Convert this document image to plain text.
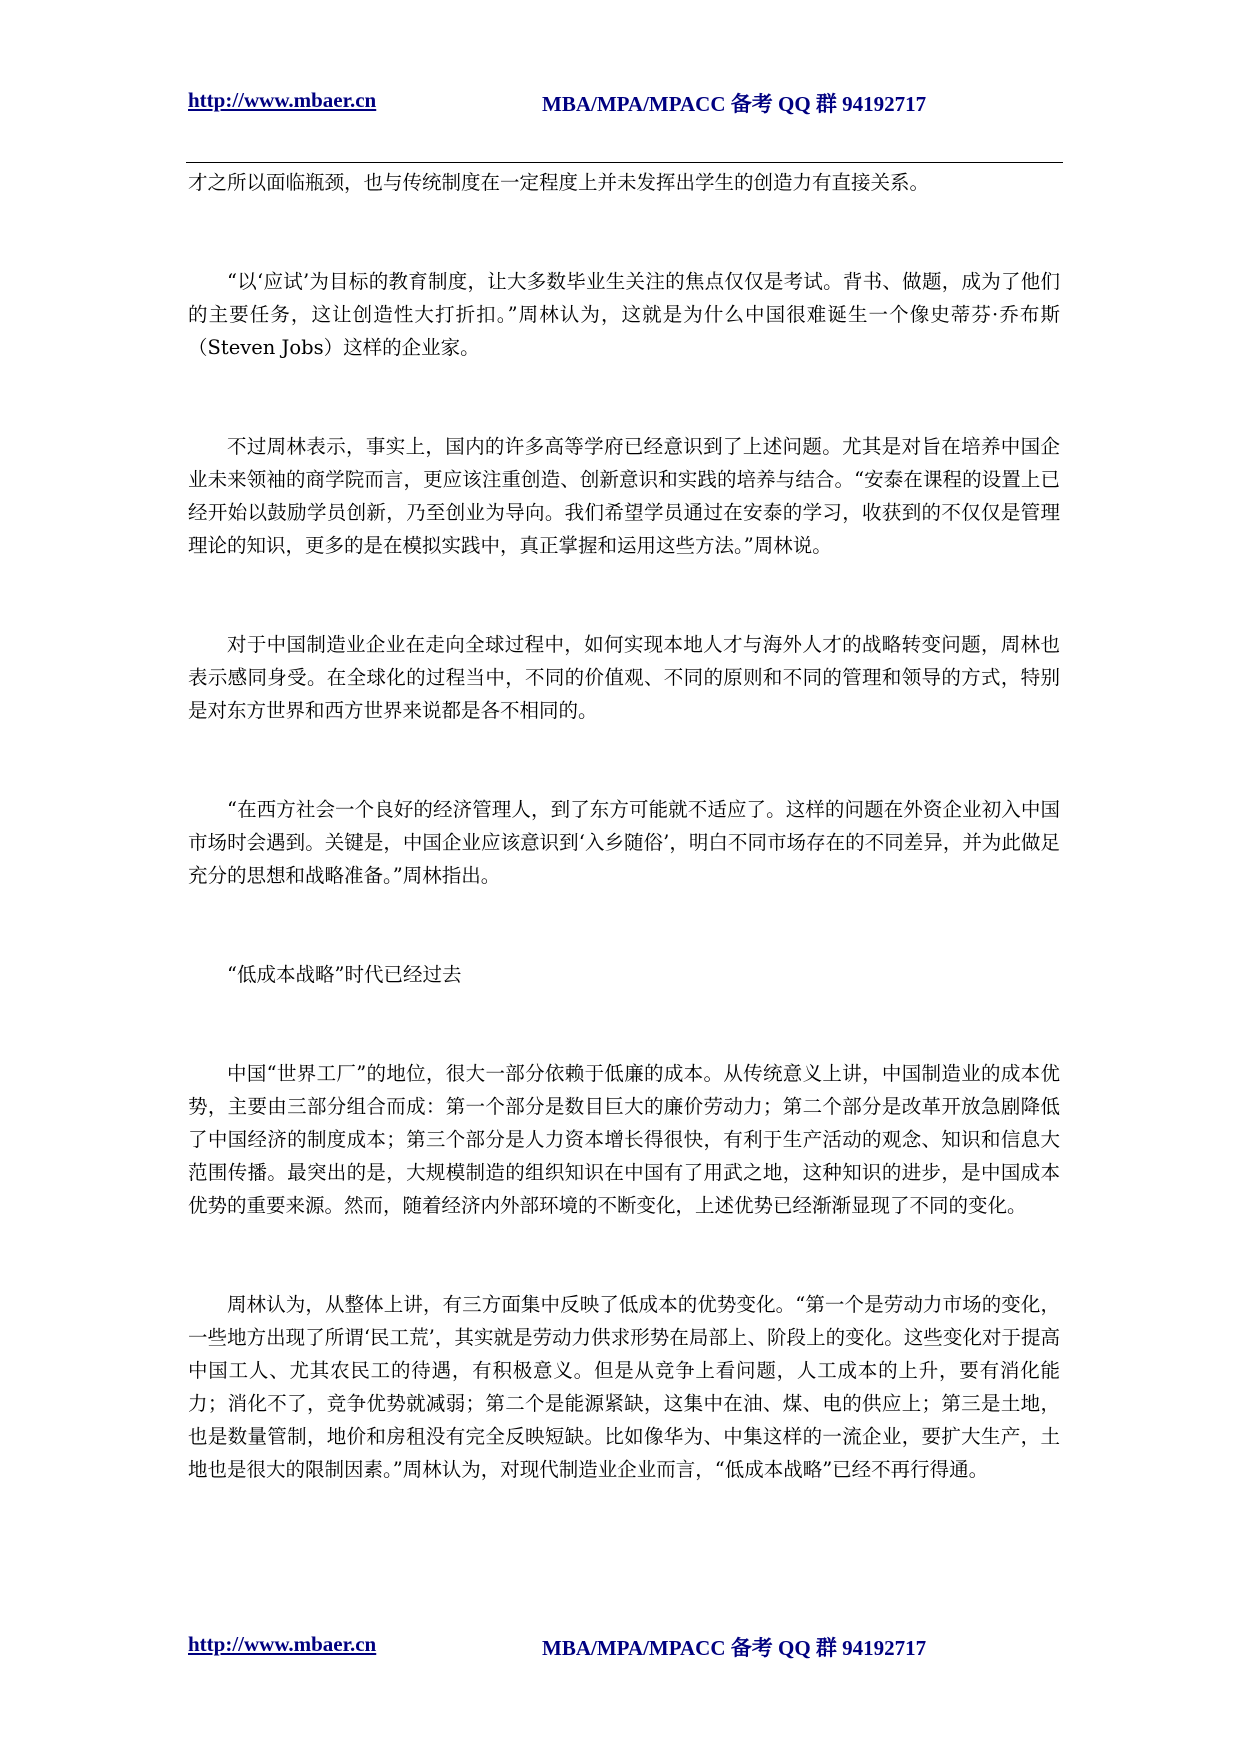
http://www.mbaer.cn	MBA/MPA/MPACC 备考 QQ 群 94192717

才之所以面临瓶颈，也与传统制度在一定程度上并未发挥出学生的创造力有直接关系。

“以‘应试’为目标的教育制度，让大多数毕业生关注的焦点仅仅是考试。背书、做题，成为了他们的主要任务，这让创造性大打折扣。”周林认为，这就是为什么中国很难诞生一个像史蒂芬·乔布斯（Steven Jobs）这样的企业家。

不过周林表示，事实上，国内的许多高等学府已经意识到了上述问题。尤其是对旨在培养中国企业未来领袖的商学院而言，更应该注重创造、创新意识和实践的培养与结合。“安泰在课程的设置上已经开始以鼓励学员创新，乃至创业为导向。我们希望学员通过在安泰的学习，收获到的不仅仅是管理理论的知识，更多的是在模拟实践中，真正掌握和运用这些方法。”周林说。

对于中国制造业企业在走向全球过程中，如何实现本地人才与海外人才的战略转变问题，周林也表示感同身受。在全球化的过程当中，不同的价值观、不同的原则和不同的管理和领导的方式，特别是对东方世界和西方世界来说都是各不相同的。

“在西方社会一个良好的经济管理人，到了东方可能就不适应了。这样的问题在外资企业初入中国市场时会遇到。关键是，中国企业应该意识到‘入乡随俗’，明白不同市场存在的不同差异，并为此做足充分的思想和战略准备。”周林指出。

“低成本战略”时代已经过去

中国“世界工厂”的地位，很大一部分依赖于低廉的成本。从传统意义上讲，中国制造业的成本优势，主要由三部分组合而成：第一个部分是数目巨大的廉价劳动力；第二个部分是改革开放急剧降低了中国经济的制度成本；第三个部分是人力资本增长得很快，有利于生产活动的观念、知识和信息大范围传播。最突出的是，大规模制造的组织知识在中国有了用武之地，这种知识的进步，是中国成本优势的重要来源。然而，随着经济内外部环境的不断变化，上述优势已经渐渐显现了不同的变化。

周林认为，从整体上讲，有三方面集中反映了低成本的优势变化。“第一个是劳动力市场的变化，一些地方出现了所谓‘民工荒’，其实就是劳动力供求形势在局部上、阶段上的变化。这些变化对于提高中国工人、尤其农民工的待遇，有积极意义。但是从竞争上看问题，人工成本的上升，要有消化能力；消化不了，竞争优势就减弱；第二个是能源紧缺，这集中在油、煤、电的供应上；第三是土地，也是数量管制，地价和房租没有完全反映短缺。比如像华为、中集这样的一流企业，要扩大生产，土地也是很大的限制因素。”周林认为，对现代制造业企业而言，“低成本战略”已经不再行得通。

http://www.mbaer.cn	MBA/MPA/MPACC 备考 QQ 群 94192717
